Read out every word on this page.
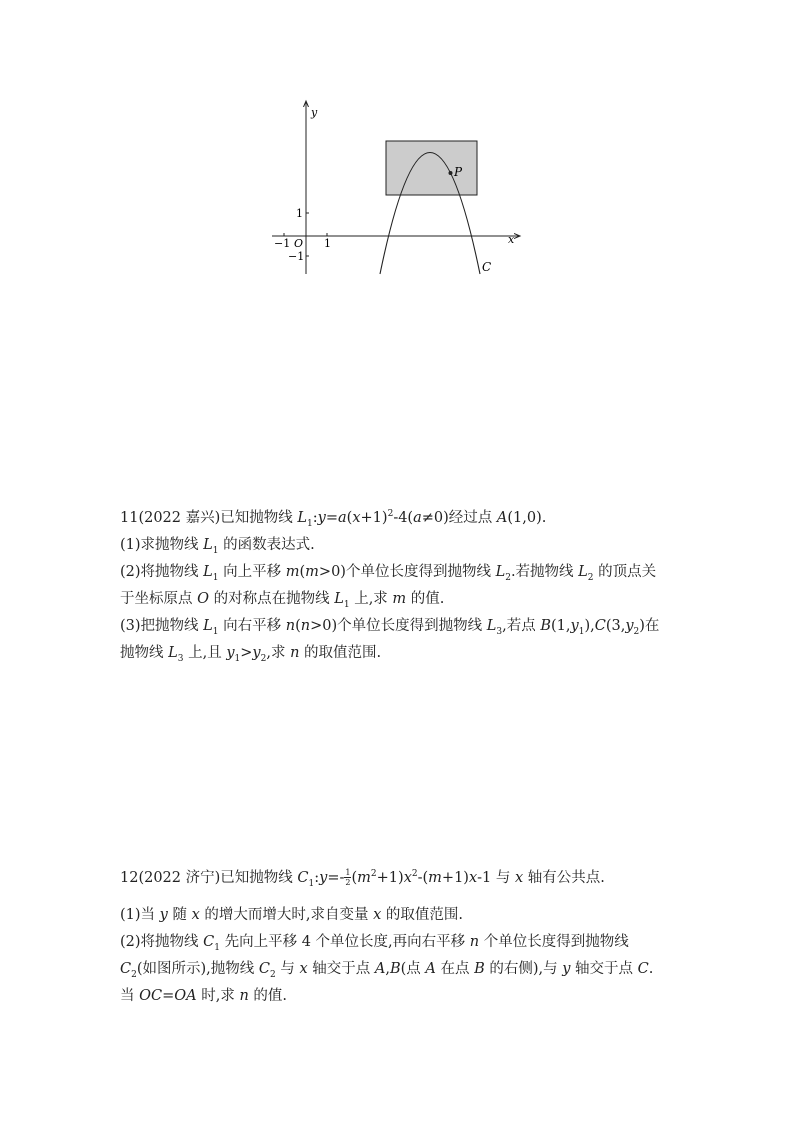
x
y
O
−1	1
1
−1
P
C

11(2022 嘉兴)已知抛物线 $L_1:y=a(x+1)^2-4(a\ne 0)$经过点 A(1,0).

(1)求抛物线 $L_1$ 的函数表达式.

(2)将抛物线 $L_1$ 向上平移 m(m>0)个单位长度得到抛物线 $L_2$.若抛物线 $L_2$ 的顶点关

于坐标原点 O 的对称点在抛物线 $L_1$ 上,求 m 的值.

(3)把抛物线 $L_1$ 向右平移 n(n>0)个单位长度得到抛物线 $L_3$,若点 $B(1,y_1),C(3,y_2)$在

抛物线 $L_3$ 上,且 $y_1>y_2$,求 n 的取值范围.

12(2022 济宁)已知抛物线 $C_1:y=- \frac{1}{2} (m^2+1)x^2-(m+1)x-1$ 与 x 轴有公共点.

(1)当 y 随 x 的增大而增大时,求自变量 x 的取值范围.

(2)将抛物线 $C_1$ 先向上平移 4 个单位长度,再向右平移 n 个单位长度得到抛物线

$C_2$(如图所示),抛物线 $C_2$ 与 x 轴交于点 A,B(点 A 在点 B 的右侧),与 y 轴交于点 C.

当 OC=OA 时,求 n 的值.
